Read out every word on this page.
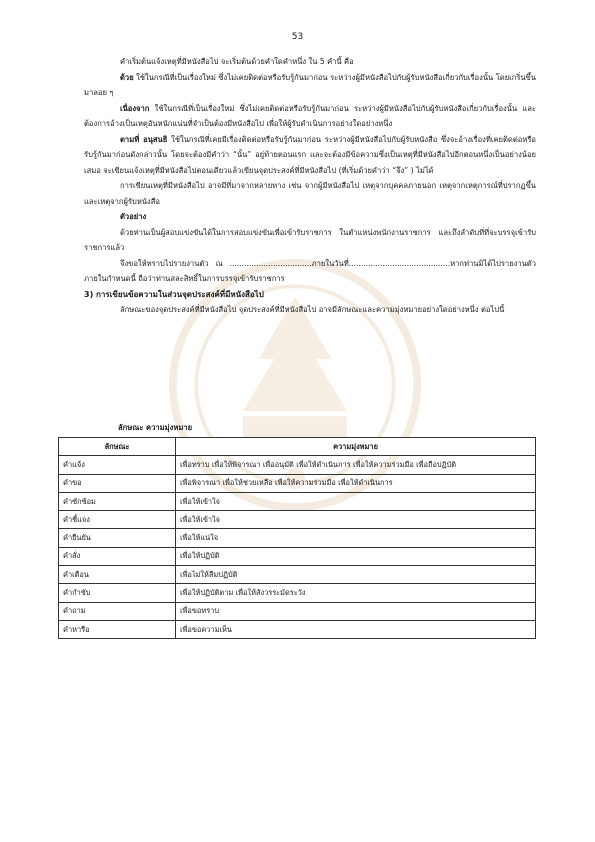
53

คำเริ่มต้นแจ้งเหตุที่มีหนังสือไป จะเริ่มต้นด้วยคำใดคำหนึ่ง ใน 5 คำนี้ คือ

ด้วย ใช้ในกรณีที่เป็นเรื่องใหม่ ซึ่งไม่เคยติดต่อหรือรับรู้กันมาก่อน ระหว่างผู้มีหนังสือไปกับผู้รับหนังสือเกี่ยวกับเรื่องนั้น โดยเกริ่นขึ้นมาลอย ๆ

เนื่องจาก ใช้ในกรณีที่เป็นเรื่องใหม่ ซึ่งไม่เคยติดต่อหรือรับรู้กันมาก่อน ระหว่างผู้มีหนังสือไปกับผู้รับหนังสือเกี่ยวกับเรื่องนั้น และต้องการอ้างเป็นเหตุอันหนักแน่นที่จำเป็นต้องมีหนังสือไป เพื่อให้ผู้รับดำเนินการอย่างใดอย่างหนึ่ง

ตามที่ อนุสนธิ ใช้ในกรณีที่เคยมีเรื่องติดต่อหรือรับรู้กันมาก่อน ระหว่างผู้มีหนังสือไปกับผู้รับหนังสือ ซึ่งจะอ้างเรื่องที่เคยติดต่อหรือรับรู้กันมาก่อนดังกล่าวนั้น โดยจะต้องมีคำว่า “นั้น” อยู่ท้ายตอนแรก และจะต้องมีข้อความซึ่งเป็นเหตุที่มีหนังสือไปอีกตอนหนึ่งเป็นอย่างน้อยเสมอ จะเขียนแจ้งเหตุที่มีหนังสือไปตอนเดียวแล้วเขียนจุดประสงค์ที่มีหนังสือไป (ที่เริ่มด้วยคำว่า “จึง” ) ไม่ได้

การเขียนเหตุที่มีหนังสือไป อาจมีที่มาจากหลายทาง เช่น จากผู้มีหนังสือไป เหตุจากบุคคลภายนอก เหตุจากเหตุการณ์ที่ปรากฏขึ้น และเหตุจากผู้รับหนังสือ

ตัวอย่าง

ด้วยท่านเป็นผู้สอบแข่งขันได้ในการสอบแข่งขันเพื่อเข้ารับราชการ ในตำแหน่งพนักงานราชการ และถึงลำดับที่ที่จะบรรจุเข้ารับราชการแล้ว

จึงขอให้ทราบไปรายงานตัว ณ ..................................ภายในวันที่..........................................หากท่านมิได้ไปรายงานตัวภายในกำหนดนี้ ถือว่าท่านสละสิทธิ์ในการบรรจุเข้ารับราชการ

3) การเขียนข้อความในส่วนจุดประสงค์ที่มีหนังสือไป

ลักษณะของจุดประสงค์ที่มีหนังสือไป จุดประสงค์ที่มีหนังสือไป อาจมีลักษณะและความมุ่งหมายอย่างใดอย่างหนึ่ง ต่อไปนี้

ลักษณะ ความมุ่งหมาย
ลักษณะ	ความมุ่งหมาย
คำแจ้ง	เพื่อทราบ เพื่อให้พิจารณา เพื่ออนุมัติ เพื่อให้ดำเนินการ เพื่อให้ความร่วมมือ เพื่อถือปฏิบัติ
คำขอ	เพื่อพิจารณา เพื่อให้ช่วยเหลือ เพื่อให้ความร่วมมือ เพื่อให้ดำเนินการ
คำซักซ้อม	เพื่อให้เข้าใจ
คำชี้แจง	เพื่อให้เข้าใจ
คำยืนยัน	เพื่อให้แน่ใจ
คำสั่ง	เพื่อให้ปฏิบัติ
คำเตือน	เพื่อไม่ให้ลืมปฏิบัติ
คำกำชับ	เพื่อให้ปฏิบัติตาม เพื่อให้สังวรระมัดระวัง
คำถาม	เพื่อขอทราบ
คำหารือ	เพื่อขอความเห็น
